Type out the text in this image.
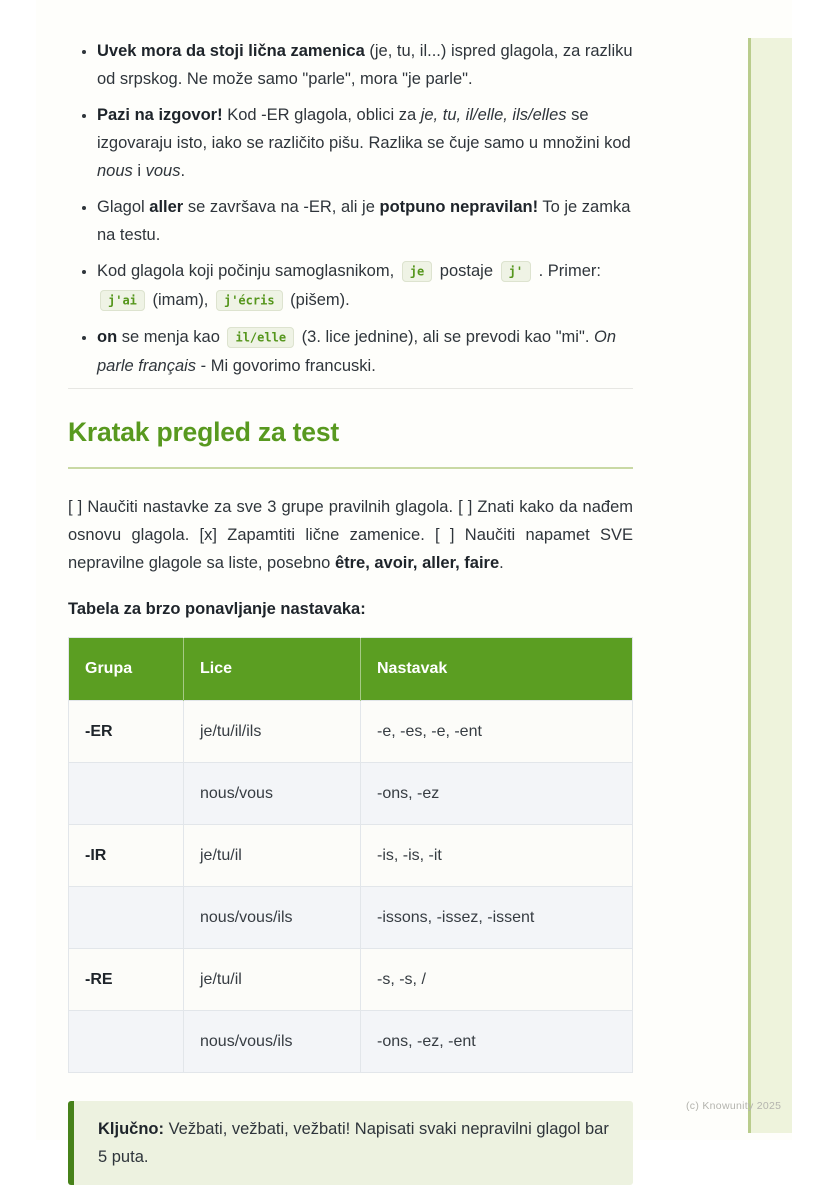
• Uvek mora da stoji lična zamenica (je, tu, il...) ispred glagola, za razliku od srpskog. Ne može samo "parle", mora "je parle".
• Pazi na izgovor! Kod -ER glagola, oblici za je, tu, il/elle, ils/elles se izgovaraju isto, iako se različito pišu. Razlika se čuje samo u množini kod nous i vous.
• Glagol aller se završava na -ER, ali je potpuno nepravilan! To je zamka na testu.
• Kod glagola koji počinju samoglasnikom, je postaje j' . Primer: j'ai (imam), j'écris (pišem).
• on se menja kao il/elle (3. lice jednine), ali se prevodi kao "mi". On parle français - Mi govorimo francuski.
Kratak pregled za test

[ ] Naučiti nastavke za sve 3 grupe pravilnih glagola. [ ] Znati kako da nađem osnovu glagola. [x] Zapamtiti lične zamenice. [ ] Naučiti napamet SVE nepravilne glagole sa liste, posebno être, avoir, aller, faire.

Tabela za brzo ponavljanje nastavaka:

Grupa	Lice	Nastavak
-ER	je/tu/il/ils	-e, -es, -e, -ent
	nous/vous	-ons, -ez
-IR	je/tu/il	-is, -is, -it
	nous/vous/ils	-issons, -issez, -issent
-RE	je/tu/il	-s, -s, /
	nous/vous/ils	-ons, -ez, -ent

Ključno: Vežbati, vežbati, vežbati! Napisati svaki nepravilni glagol bar 5 puta.

(c) Knowunity 2025
